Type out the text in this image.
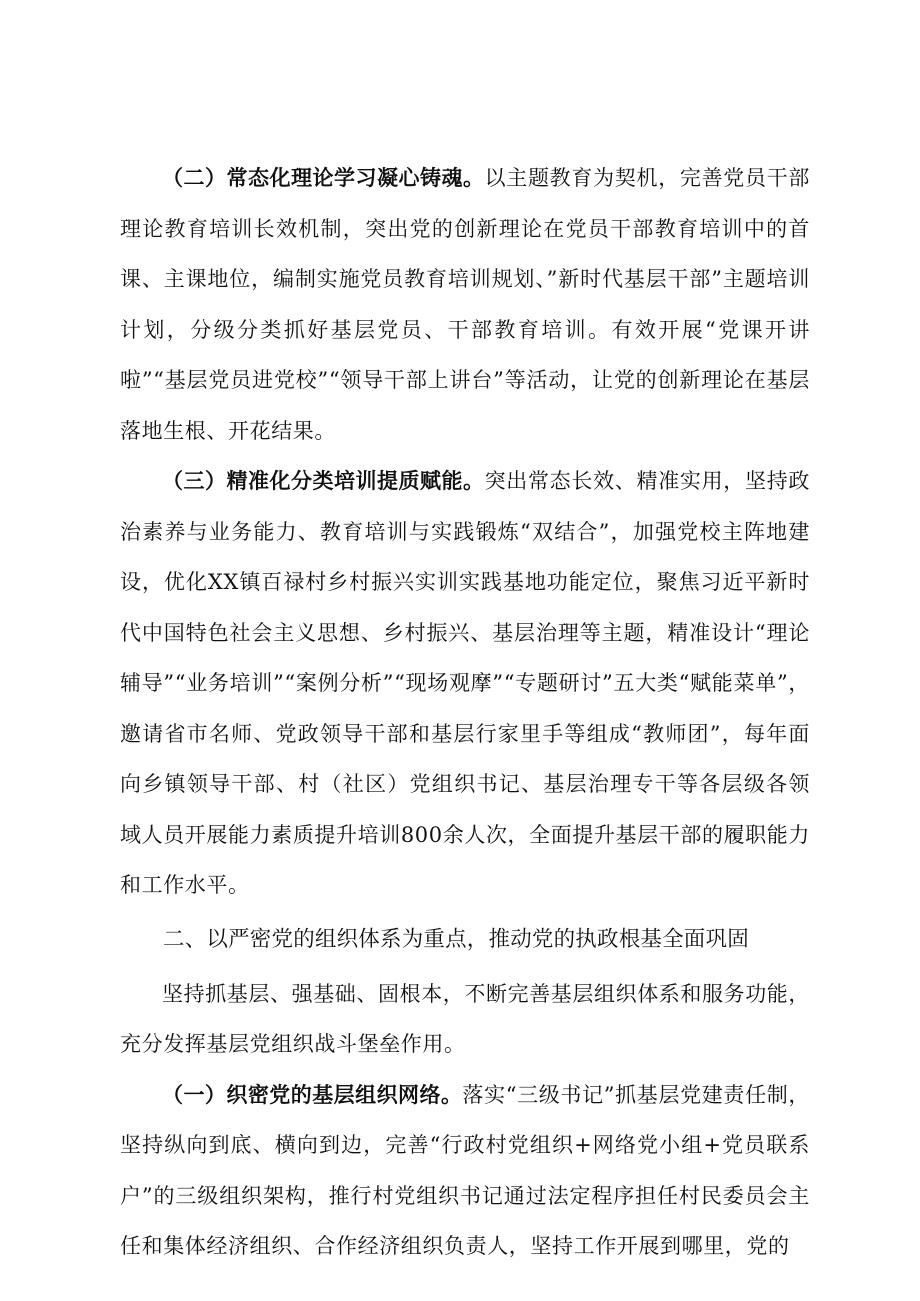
（二）常态化理论学习凝心铸魂。以主题教育为契机，完善党员干部理论教育培训长效机制，突出党的创新理论在党员干部教育培训中的首课、主课地位，编制实施党员教育培训规划、”新时代基层干部”主题培训计划，分级分类抓好基层党员、干部教育培训。有效开展“党课开讲啦”“基层党员进党校”“领导干部上讲台”等活动，让党的创新理论在基层落地生根、开花结果。

（三）精准化分类培训提质赋能。突出常态长效、精准实用，坚持政治素养与业务能力、教育培训与实践锻炼“双结合”，加强党校主阵地建设，优化XX镇百禄村乡村振兴实训实践基地功能定位，聚焦习近平新时代中国特色社会主义思想、乡村振兴、基层治理等主题，精准设计“理论辅导”“业务培训”“案例分析”“现场观摩”“专题研讨”五大类“赋能菜单”，邀请省市名师、党政领导干部和基层行家里手等组成“教师团”，每年面向乡镇领导干部、村（社区）党组织书记、基层治理专干等各层级各领域人员开展能力素质提升培训800余人次，全面提升基层干部的履职能力和工作水平。

二、以严密党的组织体系为重点，推动党的执政根基全面巩固

坚持抓基层、强基础、固根本，不断完善基层组织体系和服务功能，充分发挥基层党组织战斗堡垒作用。

（一）织密党的基层组织网络。落实“三级书记”抓基层党建责任制，坚持纵向到底、横向到边，完善“行政村党组织+网络党小组+党员联系户”的三级组织架构，推行村党组织书记通过法定程序担任村民委员会主任和集体经济组织、合作经济组织负责人，坚持工作开展到哪里，党的
